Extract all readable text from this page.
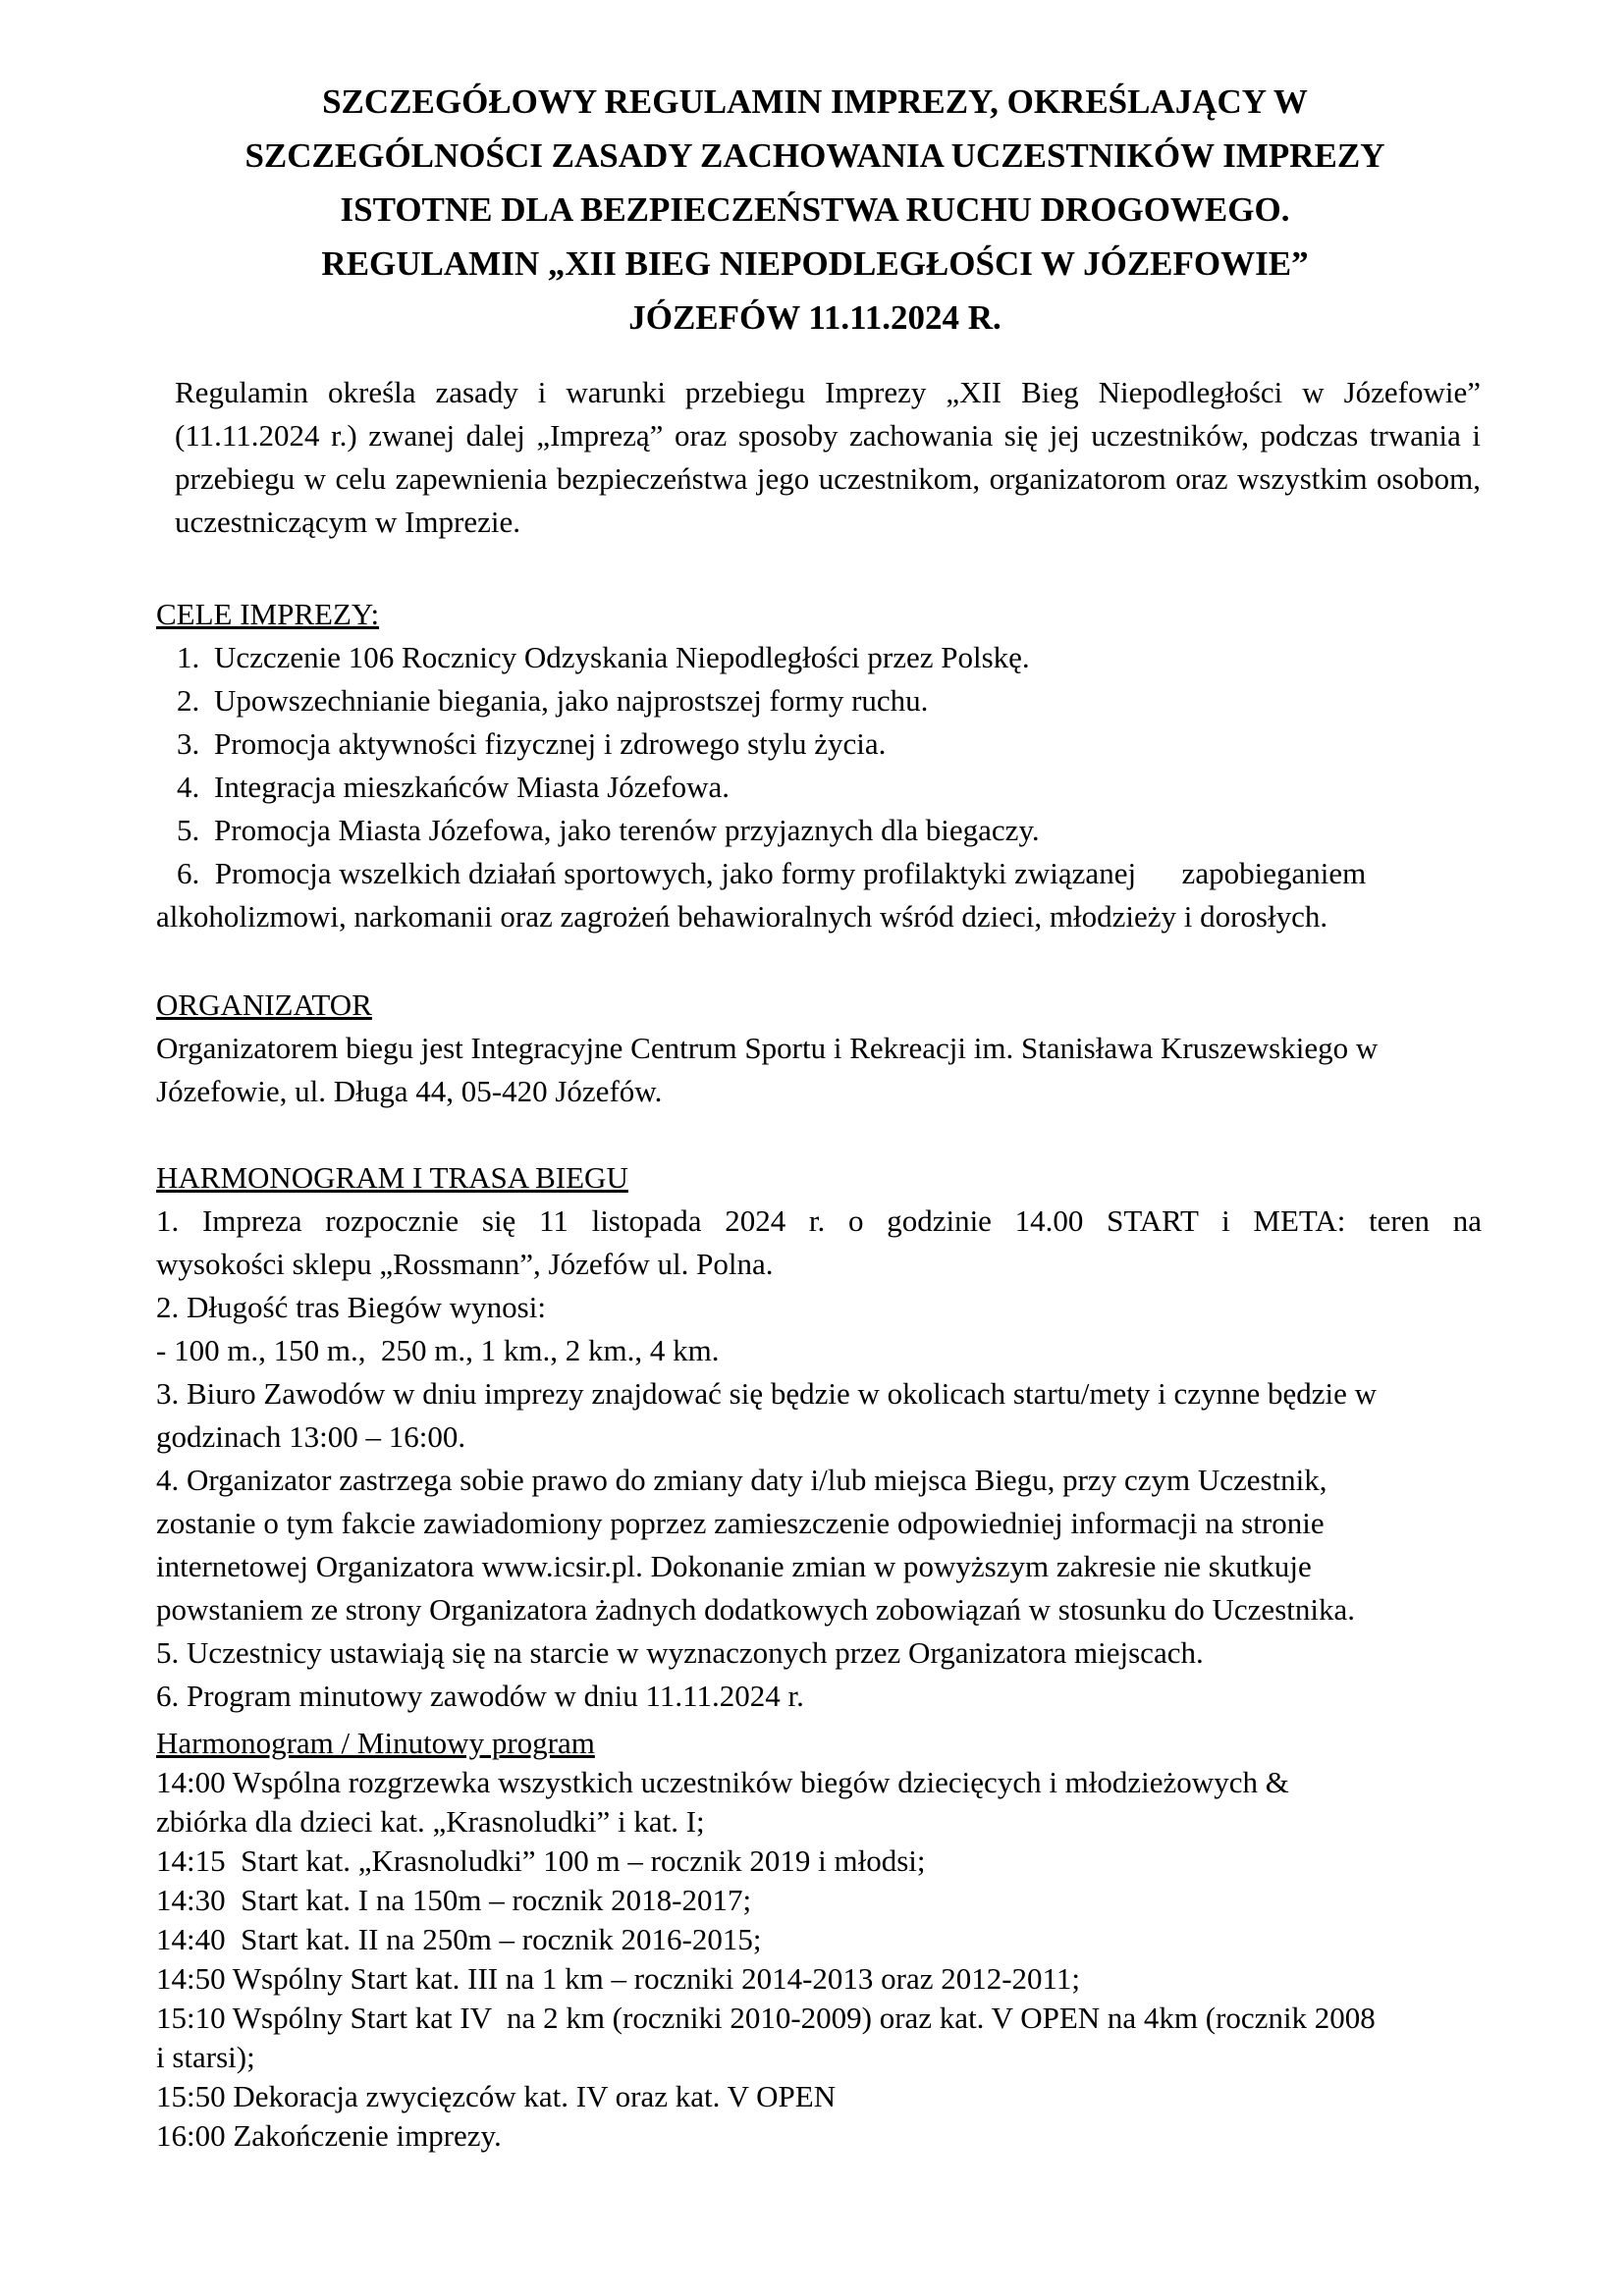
SZCZEGÓŁOWY REGULAMIN IMPREZY, OKREŚLAJĄCY W
SZCZEGÓLNOŚCI ZASADY ZACHOWANIA UCZESTNIKÓW IMPREZY
ISTOTNE DLA BEZPIECZEŃSTWA RUCHU DROGOWEGO.
REGULAMIN „XII BIEG NIEPODLEGŁOŚCI W JÓZEFOWIE”
JÓZEFÓW 11.11.2024 R.
Regulamin określa zasady i warunki przebiegu Imprezy „XII Bieg Niepodległości w Józefowie” (11.11.2024 r.) zwanej dalej „Imprezą” oraz sposoby zachowania się jej uczestników, podczas trwania i przebiegu w celu zapewnienia bezpieczeństwa jego uczestnikom, organizatorom oraz wszystkim osobom, uczestniczącym w Imprezie.
CELE IMPREZY:
1. Uczczenie 106 Rocznicy Odzyskania Niepodległości przez Polskę.
2. Upowszechnianie biegania, jako najprostszej formy ruchu.
3. Promocja aktywności fizycznej i zdrowego stylu życia.
4. Integracja mieszkańców Miasta Józefowa.
5. Promocja Miasta Józefowa, jako terenów przyjaznych dla biegaczy.
6.  Promocja wszelkich działań sportowych, jako formy profilaktyki związanej      zapobieganiem
alkoholizmowi, narkomanii oraz zagrożeń behawioralnych wśród dzieci, młodzieży i dorosłych.
ORGANIZATOR
Organizatorem biegu jest Integracyjne Centrum Sportu i Rekreacji im. Stanisława Kruszewskiego w
Józefowie, ul. Długa 44, 05-420 Józefów.
HARMONOGRAM I TRASA BIEGU
1. Impreza rozpocznie się 11 listopada 2024 r. o godzinie 14.00 START i META: teren na
wysokości sklepu „Rossmann”, Józefów ul. Polna.
2. Długość tras Biegów wynosi:
- 100 m., 150 m.,  250 m., 1 km., 2 km., 4 km.
3. Biuro Zawodów w dniu imprezy znajdować się będzie w okolicach startu/mety i czynne będzie w
godzinach 13:00 – 16:00.
4. Organizator zastrzega sobie prawo do zmiany daty i/lub miejsca Biegu, przy czym Uczestnik,
zostanie o tym fakcie zawiadomiony poprzez zamieszczenie odpowiedniej informacji na stronie
internetowej Organizatora www.icsir.pl. Dokonanie zmian w powyższym zakresie nie skutkuje
powstaniem ze strony Organizatora żadnych dodatkowych zobowiązań w stosunku do Uczestnika.
5. Uczestnicy ustawiają się na starcie w wyznaczonych przez Organizatora miejscach.
6. Program minutowy zawodów w dniu 11.11.2024 r.
Harmonogram / Minutowy program
14:00 Wspólna rozgrzewka wszystkich uczestników biegów dziecięcych i młodzieżowych &
zbiórka dla dzieci kat. „Krasnoludki” i kat. I;
14:15  Start kat. „Krasnoludki” 100 m – rocznik 2019 i młodsi;
14:30  Start kat. I na 150m – rocznik 2018-2017;
14:40  Start kat. II na 250m – rocznik 2016-2015;
14:50 Wspólny Start kat. III na 1 km – roczniki 2014-2013 oraz 2012-2011;
15:10 Wspólny Start kat IV  na 2 km (roczniki 2010-2009) oraz kat. V OPEN na 4km (rocznik 2008
i starsi);
15:50 Dekoracja zwycięzców kat. IV oraz kat. V OPEN
16:00 Zakończenie imprezy.
